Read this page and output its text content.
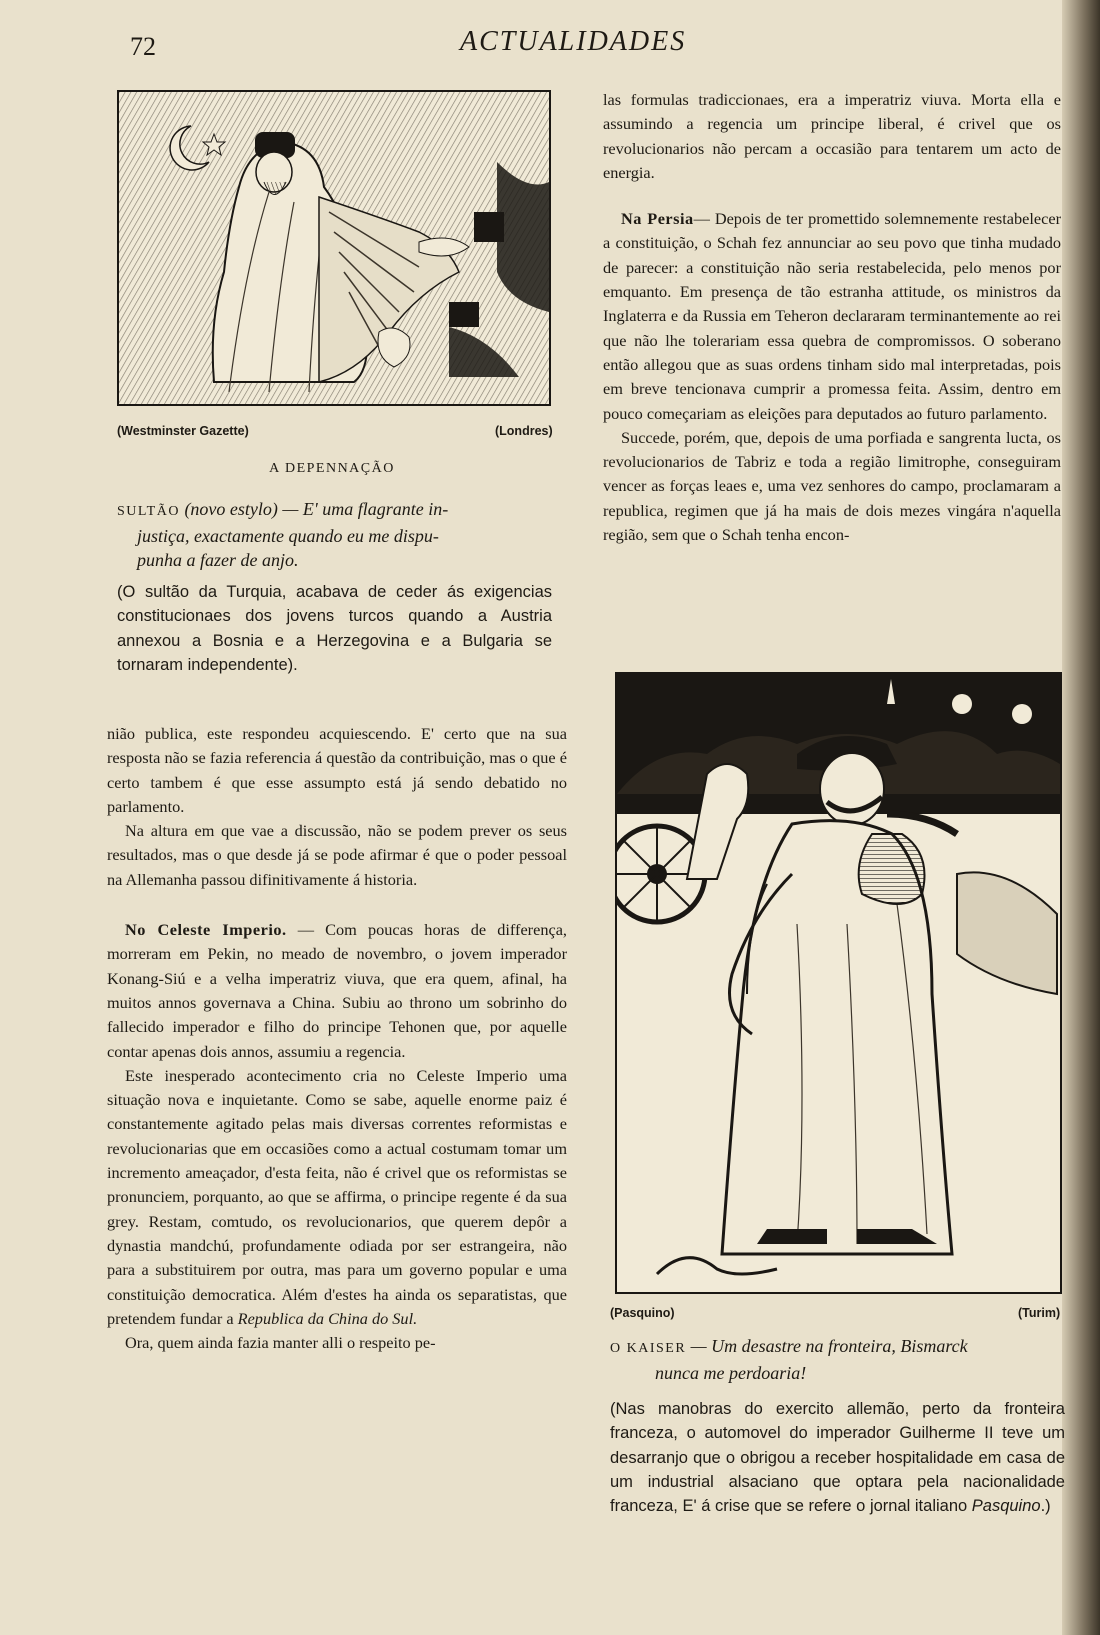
72	ACTUALIDADES
(Westminster Gazette)	(Londres)
A DEPENNAÇÃO
SULTÃO (novo estylo) — E' uma flagrante in-
justiça, exactamente quando eu me dispu-
punha a fazer de anjo.
(O sultão da Turquia, acabava de ceder ás exigencias constitucionaes dos jovens turcos quando a Austria annexou a Bosnia e a Herzegovina e a Bulgaria se tornaram independente).

nião publica, este respondeu acquiescendo. E' certo que na sua resposta não se fazia referencia á questão da contribuição, mas o que é certo tambem é que esse assumpto está já sendo debatido no parlamento.

Na altura em que vae a discussão, não se podem prever os seus resultados, mas o que desde já se pode afirmar é que o poder pessoal na Allemanha passou difinitivamente á historia.

No Celeste Imperio. — Com poucas horas de differença, morreram em Pekin, no meado de novembro, o jovem imperador Konang-Siú e a velha imperatriz viuva, que era quem, afinal, ha muitos annos governava a China. Subiu ao throno um sobrinho do fallecido imperador e filho do principe Tehonen que, por aquelle contar apenas dois annos, assumiu a regencia.

Este inesperado acontecimento cria no Celeste Imperio uma situação nova e inquietante. Como se sabe, aquelle enorme paiz é constantemente agitado pelas mais diversas correntes reformistas e revolucionarias que em occasiões como a actual costumam tomar um incremento ameaçador, d'esta feita, não é crivel que os reformistas se pronunciem, porquanto, ao que se affirma, o principe regente é da sua grey. Restam, comtudo, os revolucionarios, que querem depôr a dynastia mandchú, profundamente odiada por ser estrangeira, não para a substituirem por outra, mas para um governo popular e uma constituição democratica. Além d'estes ha ainda os separatistas, que pretendem fundar a Republica da China do Sul.

Ora, quem ainda fazia manter alli o respeito pe-

las formulas tradiccionaes, era a imperatriz viuva. Morta ella e assumindo a regencia um principe liberal, é crivel que os revolucionarios não percam a occasião para tentarem um acto de energia.

Na Persia— Depois de ter promettido solemnemente restabelecer a constituição, o Schah fez annunciar ao seu povo que tinha mudado de parecer: a constituição não seria restabelecida, pelo menos por emquanto. Em presença de tão estranha attitude, os ministros da Inglaterra e da Russia em Teheron declararam terminantemente ao rei que não lhe tolerariam essa quebra de compromissos. O soberano então allegou que as suas ordens tinham sido mal interpretadas, pois em breve tencionava cumprir a promessa feita. Assim, dentro em pouco começariam as eleições para deputados ao futuro parlamento.

Succede, porém, que, depois de uma porfiada e sangrenta lucta, os revolucionarios de Tabriz e toda a região limitrophe, conseguiram vencer as forças leaes e, uma vez senhores do campo, proclamaram a republica, regimen que já ha mais de dois mezes vingára n'aquella região, sem que o Schah tenha encon-

(Pasquino)	(Turim)
O KAISER — Um desastre na fronteira, Bismarck
nunca me perdoaria!
(Nas manobras do exercito allemão, perto da fronteira franceza, o automovel do imperador Guilherme II teve um desarranjo que o obrigou a receber hospitalidade em casa de um industrial alsaciano que optara pela nacionalidade franceza, E' á crise que se refere o jornal italiano Pasquino.)
